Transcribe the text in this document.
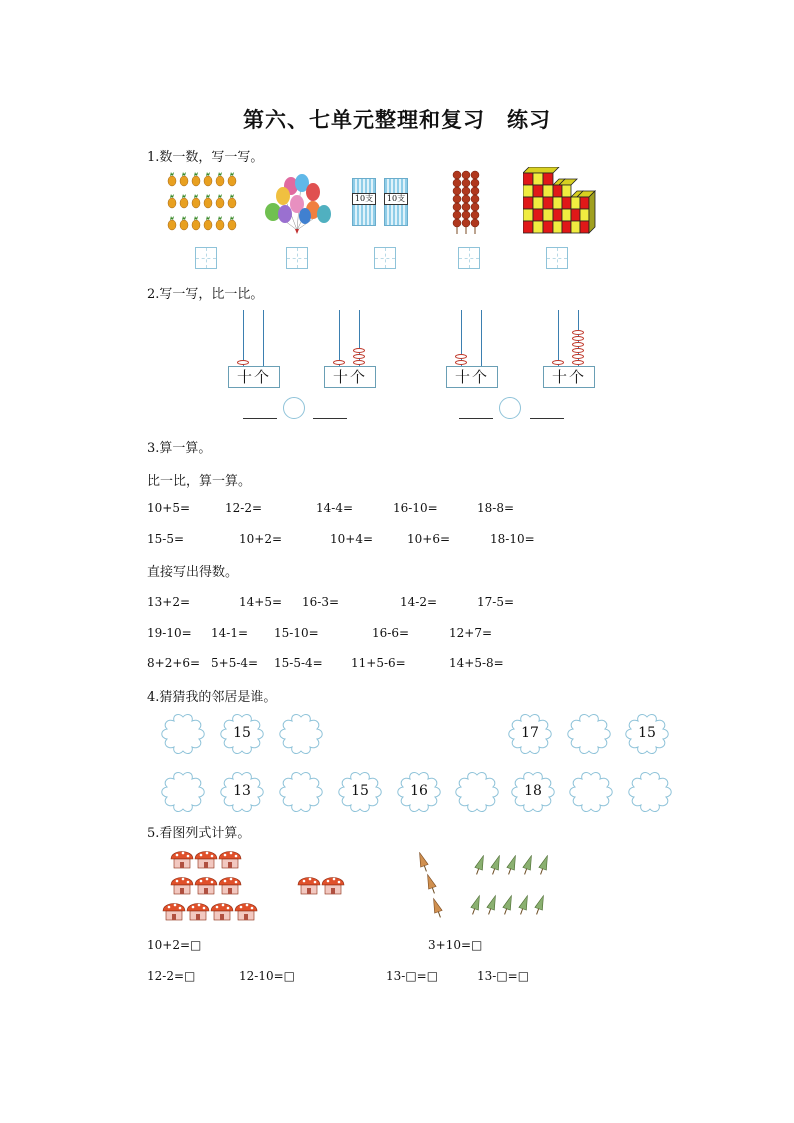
第六、七单元整理和复习　练习
1.数一数，写一写。
10支	10支
2.写一写，比一比。
十个	十个	十个	十个
3.算一算。
比一比，算一算。
10+5=	12-2=	14-4=	16-10=	18-8=
15-5=	10+2=	10+4=	10+6=	18-10=
直接写出得数。
13+2=	14+5= 16-3=	14-2=	17-5=
19-10= 14-1= 15-10=	16-6=	12+7=
8+2+6= 5+5-4= 15-5-4= 11+5-6=	14+5-8=
4.猜猜我的邻居是谁。
15	17	15
13	15	16	18
5.看图列式计算。
10+2=□	3+10=□
12-2=□	12-10=□	13-□=□	13-□=□
